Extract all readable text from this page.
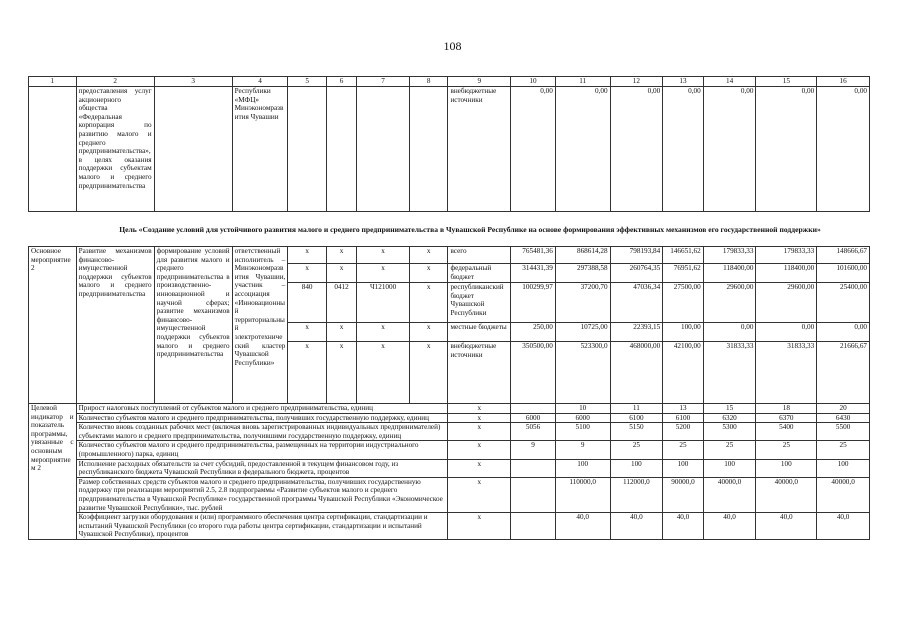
108
1	2	3	4	5	6	7	8	9	10	11	12	13	14	15	16
	предоставления услуг акционерного общества «Федеральная корпорация по развитию малого и среднего предпринимательства», в целях оказания поддержки субъектам малого и среднего предпринимательства		Республики «МФЦ» Минэкономразвития Чувашии					внебюджетные источники	0,00	0,00	0,00	0,00	0,00	0,00	0,00
Цель «Создание условий для устойчивого развития малого и среднего предпринимательства в Чувашской Республике на основе формирования эффективных механизмов его государственной поддержки»
Основное мероприятие 2	Развитие механизмов финансово-имущественной поддержки субъектов малого и среднего предпринимательства	формирование условий для развития малого и среднего предпринимательства в производственно-инновационной и научной сферах; развитие механизмов финансово-имущественной поддержки субъектов малого и среднего предпринимательства	ответственный исполнитель – Минэкономразвития Чувашии, участник – ассоциация «Инновационный территориальный электротехнический кластер Чувашской Республики»	x	x	x	x	всего	765481,36	868614,28	798193,84	146651,62	179833,33	179833,33	148666,67
				x	x	x	x	федеральный бюджет	314431,39	297388,58	260764,35	76951,62	118400,00	118400,00	101600,00
				840	0412	Ч121000	x	республиканский бюджет Чувашской Республики	100299,97	37200,70	47036,34	27500,00	29600,00	29600,00	25400,00
				x	x	x	x	местные бюджеты	250,00	10725,00	22393,15	100,00	0,00	0,00	0,00
				x	x	x	x	внебюджетные источники	350500,00	523300,0	468000,00	42100,00	31833,33	31833,33	21666,67
Целевой индикатор и показатель программы, увязанные с основным мероприятием 2	Прирост налоговых поступлений от субъектов малого и среднего предпринимательства, единиц							x		10	11	13	15	18	20
	Количество субъектов малого и среднего предпринимательства, получивших государственную поддержку, единиц							x	6000	6000	6100	6100	6320	6370	6430
	Количество вновь созданных рабочих мест (включая вновь зарегистрированных индивидуальных предпринимателей) субъектами малого и среднего предпринимательства, получившими государственную поддержку, единиц							x	5056	5100	5150	5200	5300	5400	5500
	Количество субъектов малого и среднего предпринимательства, размещенных на территории индустриального (промышленного) парка, единиц							x	9	9	25	25	25	25	25
	Исполнение расходных обязательств за счет субсидий, предоставленной в текущем финансовом году, из республиканского бюджета Чувашской Республики в федерального бюджета, процентов							x		100	100	100	100	100	100
	Размер собственных средств субъектов малого и среднего предпринимательства, получивших государственную поддержку при реализации мероприятий 2.5, 2.8 подпрограммы «Развитие субъектов малого и среднего предпринимательства в Чувашской Республике» государственной программы Чувашской Республики «Экономическое развитие Чувашской Республики», тыс. рублей							x		110000,0	112000,0	90000,0	40000,0	40000,0	40000,0
	Коэффициент загрузки оборудования и (или) программного обеспечения центра сертификации, стандартизации и испытаний Чувашской Республики (со второго года работы центра сертификации, стандартизации и испытаний Чувашской Республики), процентов							x		40,0	40,0	40,0	40,0	40,0	40,0
